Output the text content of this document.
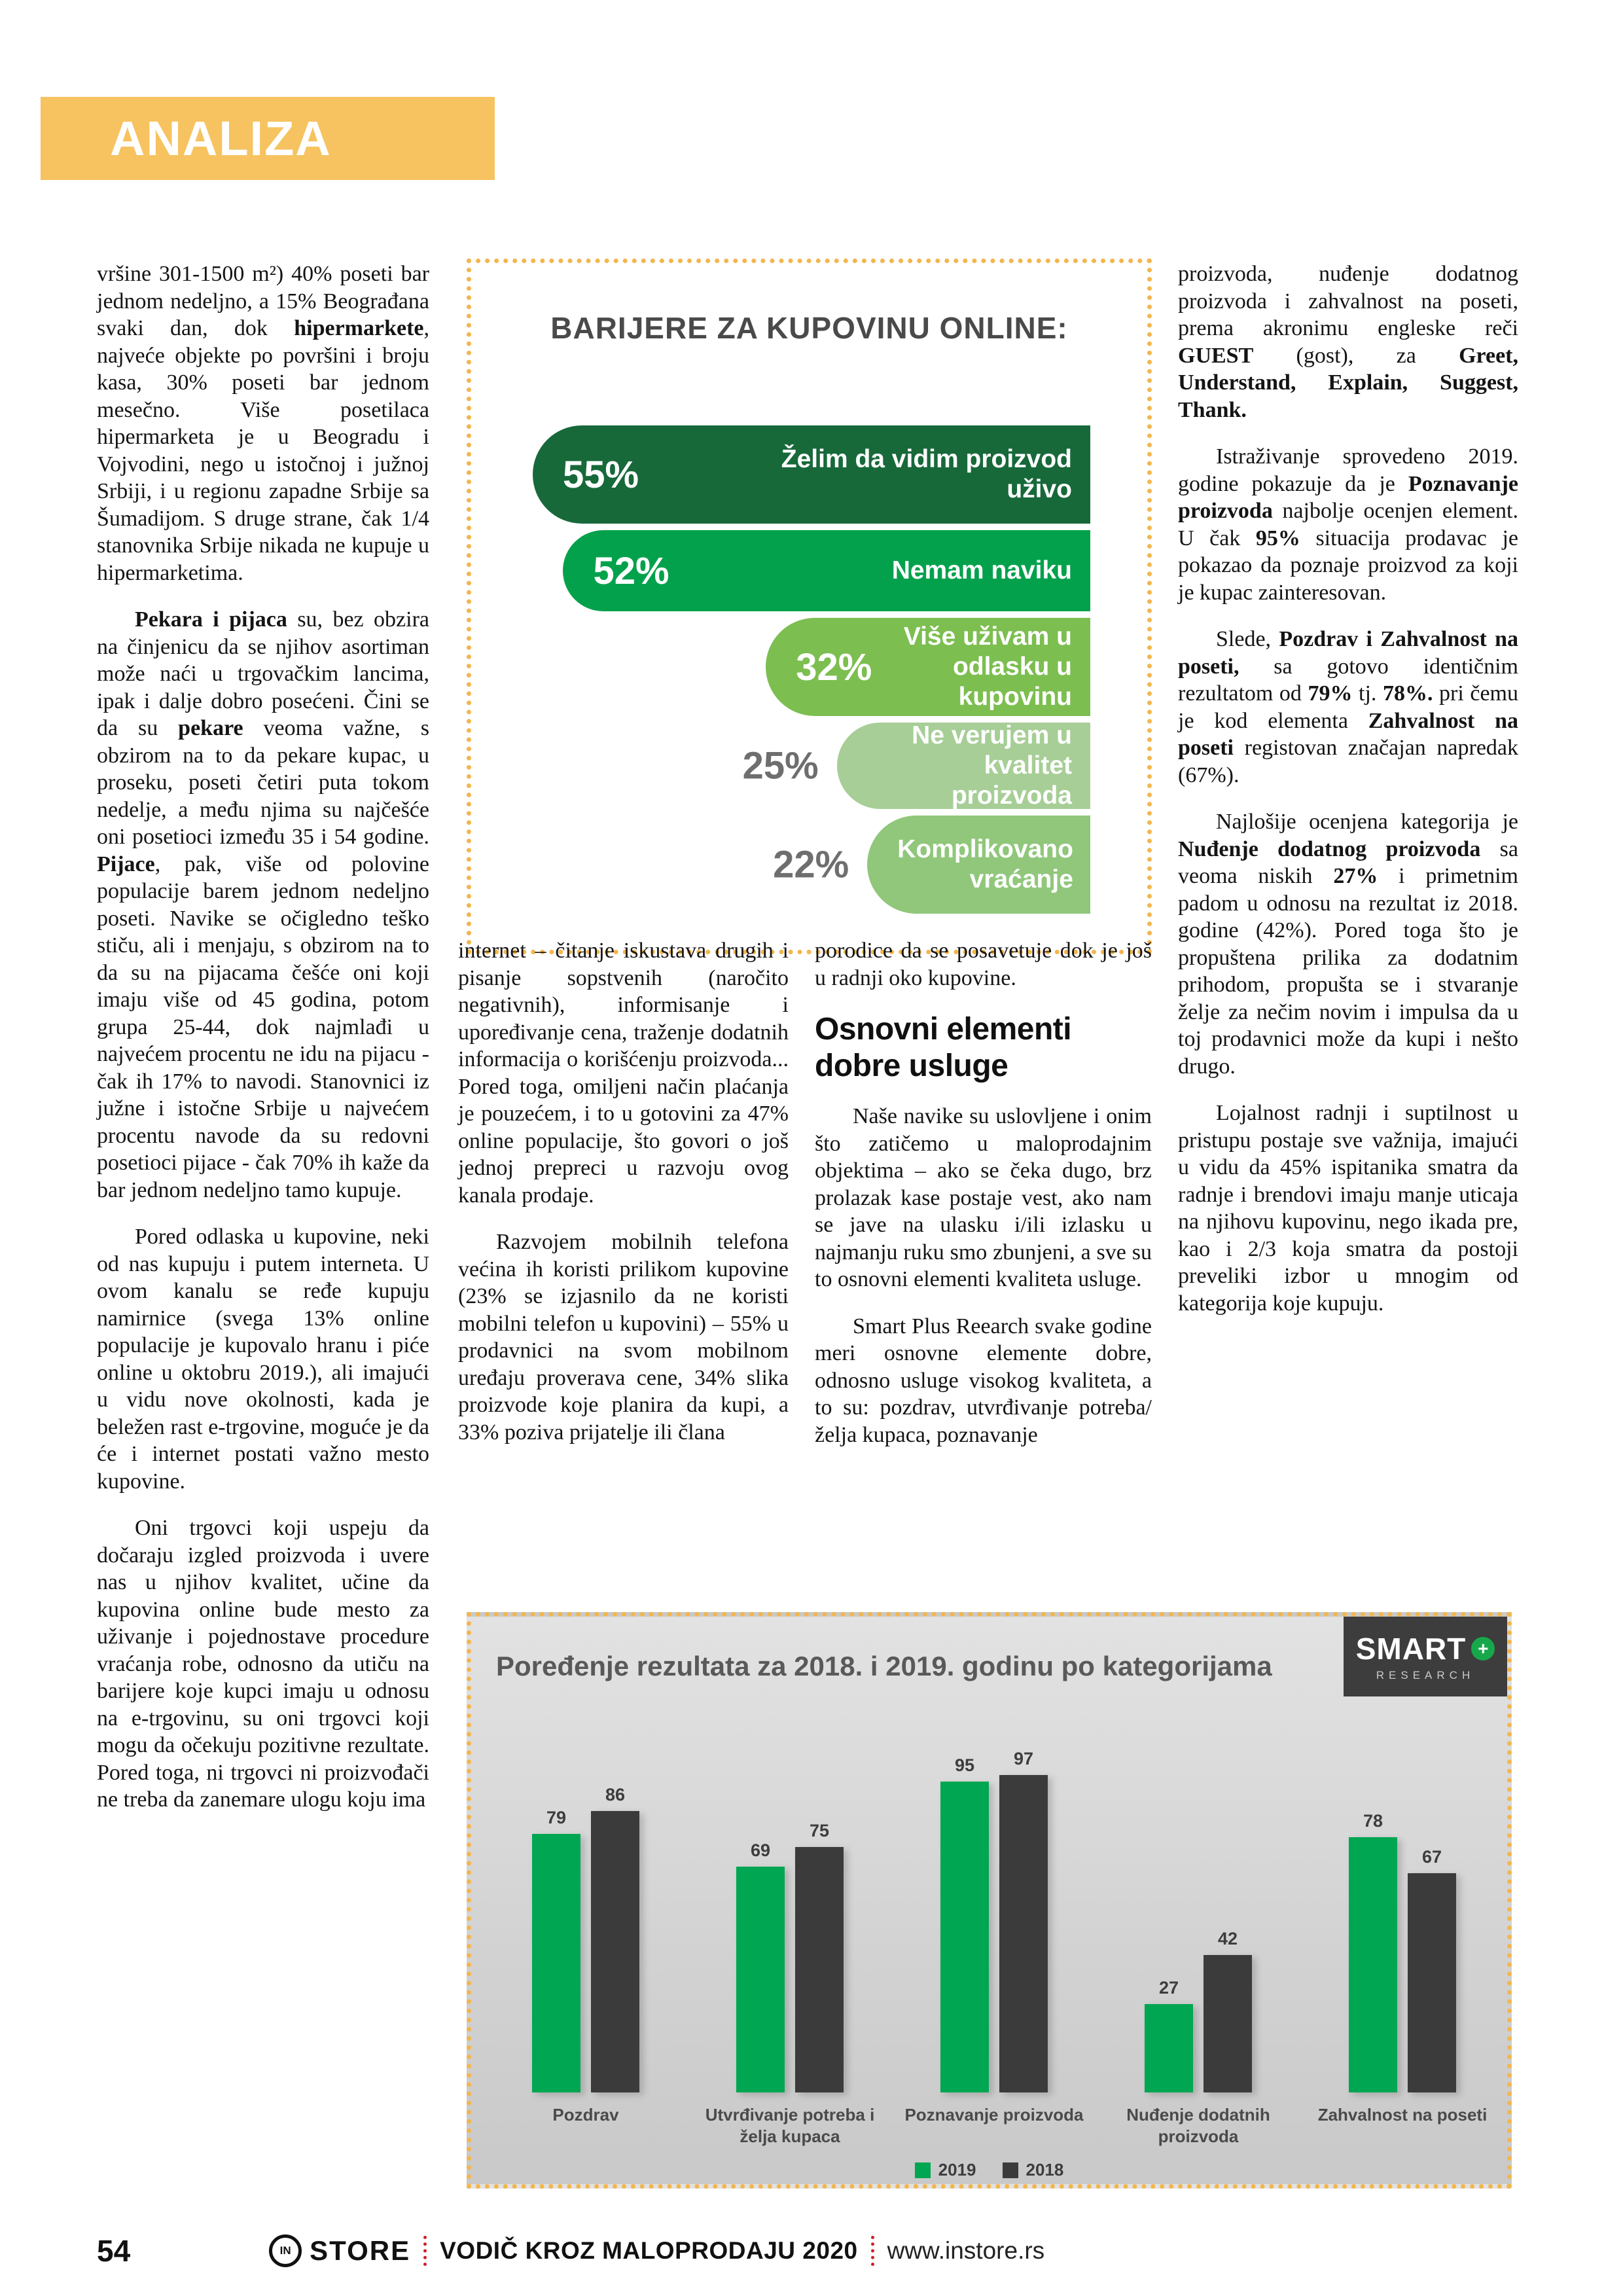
ANALIZA

vršine 301-1500 m²) 40% poseti bar jednom nedeljno, a 15% Beograđana svaki dan, dok hipermarkete, najveće objekte po površini i broju kasa, 30% poseti bar jednom mesečno. Više posetilaca hipermarketa je u Beogradu i Vojvodini, nego u istočnoj i južnoj Srbiji, i u regionu zapadne Srbije sa Šumadijom. S druge strane, čak 1/4 stanovnika Srbije nikada ne kupuje u hipermarketima.

Pekara i pijaca su, bez obzira na činjenicu da se njihov asortiman može naći u trgovačkim lancima, ipak i dalje dobro posećeni. Čini se da su pekare veoma važne, s obzirom na to da pekare kupac, u proseku, poseti četiri puta tokom nedelje, a među njima su najčešće oni posetioci između 35 i 54 godine. Pijace, pak, više od polovine populacije barem jednom nedeljno poseti. Navike se očigledno teško stiču, ali i menjaju, s obzirom na to da su na pijacama češće oni koji imaju više od 45 godina, potom grupa 25-44, dok najmlađi u najvećem procentu ne idu na pijacu - čak ih 17% to navodi. Stanovnici iz južne i istočne Srbije u najvećem procentu navode da su redovni posetioci pijace - čak 70% ih kaže da bar jednom nedeljno tamo kupuje.

Pored odlaska u kupovine, neki od nas kupuju i putem interneta. U ovom kanalu se ređe kupuju namirnice (svega 13% online populacije je kupovalo hranu i piće online u oktobru 2019.), ali imajući u vidu nove okolnosti, kada je beležen rast e-trgovine, moguće je da će i internet postati važno mesto kupovine.

Oni trgovci koji uspeju da dočaraju izgled proizvoda i uvere nas u njihov kvalitet, učine da kupovina online bude mesto za uživanje i pojednostave procedure vraćanja robe, odnosno da utiču na barijere koje kupci imaju u odnosu na e-trgovinu, su oni trgovci koji mogu da očekuju pozitivne rezultate. Pored toga, ni trgovci ni proizvođači ne treba da zanemare ulogu koju ima

BARIJERE ZA KUPOVINU ONLINE:
55%	Želim da vidim proizvod uživo
52%	Nemam naviku
32%
Više uživam u odlasku u kupovinu
Ne verujem u kvalitet proizvoda
25%
Komplikovano vraćanje
22%

internet – čitanje iskustava drugih i pisanje sopstvenih (naročito negativnih), informisanje i upoređivanje cena, traženje dodatnih informacija o korišćenju proizvoda... Pored toga, omiljeni način plaćanja je pouzećem, i to u gotovini za 47% online populacije, što govori o još jednoj prepreci u razvoju ovog kanala prodaje.

Razvojem mobilnih telefona većina ih koristi prilikom kupovine (23% se izjasnilo da ne koristi mobilni telefon u kupovini) – 55% u prodavnici na svom mobilnom uređaju proverava cene, 34% slika proizvode koje planira da kupi, a 33% poziva prijatelje ili člana

porodice da se posavetuje dok je još u radnji oko kupovine.

Osnovni elementi dobre usluge

Naše navike su uslovljene i onim što zatičemo u maloprodajnim objektima – ako se čeka dugo, brz prolazak kase postaje vest, ako nam se jave na ulasku i/ili izlasku u najmanju ruku smo zbunjeni, a sve su to osnovni elementi kvaliteta usluge.

Smart Plus Reearch svake godine meri osnovne elemente dobre, odnosno usluge visokog kvaliteta, a to su: pozdrav, utvrđivanje potreba/želja kupaca, poznavanje

proizvoda, nuđenje dodatnog proizvoda i zahvalnost na poseti, prema akronimu engleske reči GUEST (gost), za Greet, Understand, Explain, Suggest, Thank.

Istraživanje sprovedeno 2019. godine pokazuje da je Poznavanje proizvoda najbolje ocenjen element. U čak 95% situacija prodavac je pokazao da poznaje proizvod za koji je kupac zainteresovan.

Slede, Pozdrav i Zahvalnost na poseti, sa gotovo identičnim rezultatom od 79% tj. 78%. pri čemu je kod elementa Zahvalnost na poseti registovan značajan napredak (67%).

Najlošije ocenjena kategorija je Nuđenje dodatnog proizvoda sa veoma niskih 27% i primetnim padom u odnosu na rezultat iz 2018. godine (42%). Pored toga što je propuštena prilika za dodatnim prihodom, propušta se i stvaranje želje za nečim novim i impulsa da u toj prodavnici može da kupi i nešto drugo.

Lojalnost radnji i suptilnost u pristupu postaje sve važnija, imajući u vidu da 45% ispitanika smatra da radnje i brendovi imaju manje uticaja na njihovu kupovinu, nego ikada pre, kao i 2/3 koja smatra da postoji preveliki izbor u mnogim od kategorija koje kupuju.

Poređenje rezultata za 2018. i 2019. godinu po kategorijama
SMART +
RESEARCH
79
86
69
75
95	97
27
42
78
67
Pozdrav	Utvrđivanje potreba i želja kupaca
Poznavanje proizvoda	Nuđenje dodatnih proizvoda
Zahvalnost na poseti
2019	2018
54	IN STORE VODIČ KROZ MALOPRODAJU 2020 www.instore.rs
